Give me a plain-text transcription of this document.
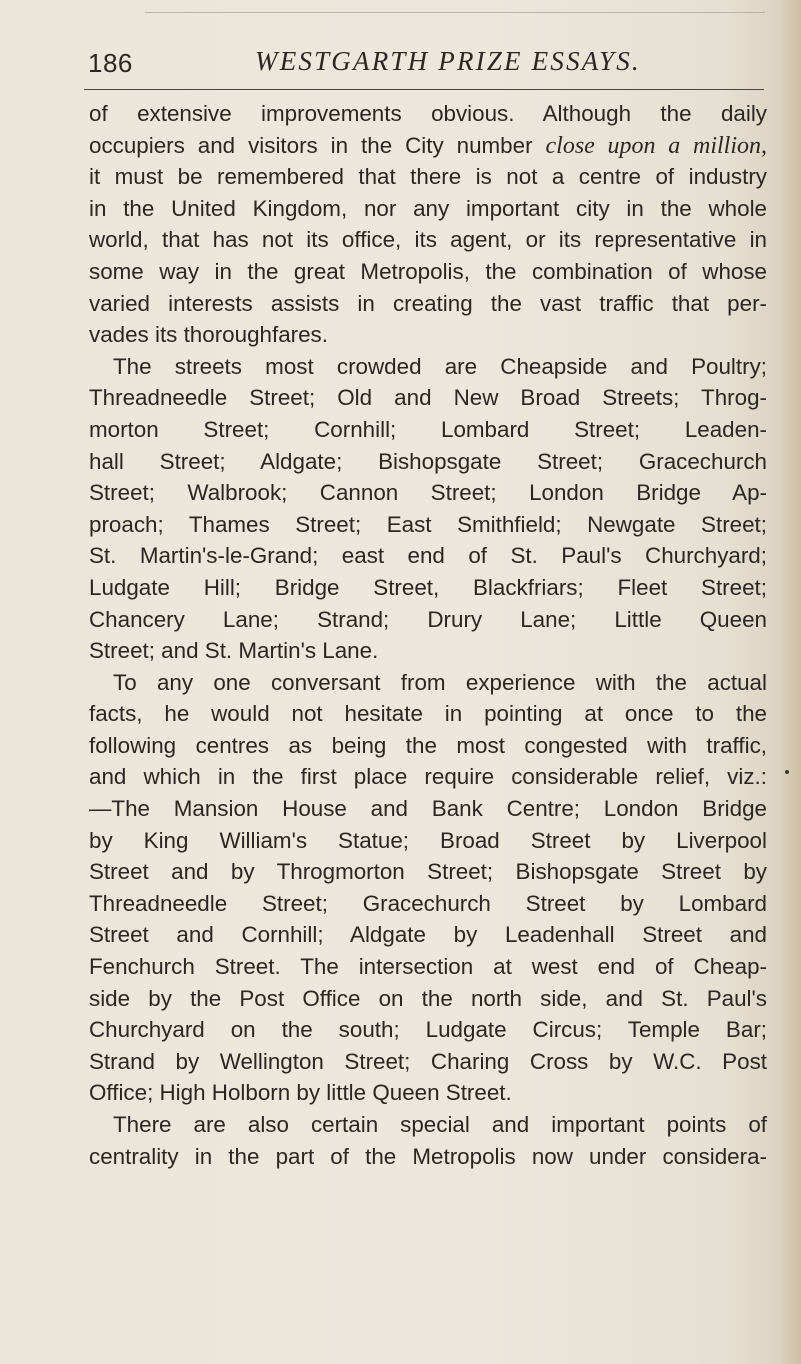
186	WESTGARTH PRIZE ESSAYS.
of extensive improvements obvious. Although the daily
occupiers and visitors in the City number close upon a million,
it must be remembered that there is not a centre of industry
in the United Kingdom, nor any important city in the whole
world, that has not its office, its agent, or its representative in
some way in the great Metropolis, the combination of whose
varied interests assists in creating the vast traffic that per-
vades its thoroughfares.
The streets most crowded are Cheapside and Poultry;
Threadneedle Street; Old and New Broad Streets; Throg-
morton Street; Cornhill; Lombard Street; Leaden-
hall Street; Aldgate; Bishopsgate Street; Gracechurch
Street; Walbrook; Cannon Street; London Bridge Ap-
proach; Thames Street; East Smithfield; Newgate Street;
St. Martin's-le-Grand; east end of St. Paul's Churchyard;
Ludgate Hill; Bridge Street, Blackfriars; Fleet Street;
Chancery Lane; Strand; Drury Lane; Little Queen
Street; and St. Martin's Lane.
To any one conversant from experience with the actual
facts, he would not hesitate in pointing at once to the
following centres as being the most congested with traffic,
and which in the first place require considerable relief, viz.:
—The Mansion House and Bank Centre; London Bridge
by King William's Statue; Broad Street by Liverpool
Street and by Throgmorton Street; Bishopsgate Street by
Threadneedle Street; Gracechurch Street by Lombard
Street and Cornhill; Aldgate by Leadenhall Street and
Fenchurch Street. The intersection at west end of Cheap-
side by the Post Office on the north side, and St. Paul's
Churchyard on the south; Ludgate Circus; Temple Bar;
Strand by Wellington Street; Charing Cross by W.C. Post
Office; High Holborn by little Queen Street.
There are also certain special and important points of
centrality in the part of the Metropolis now under considera-
